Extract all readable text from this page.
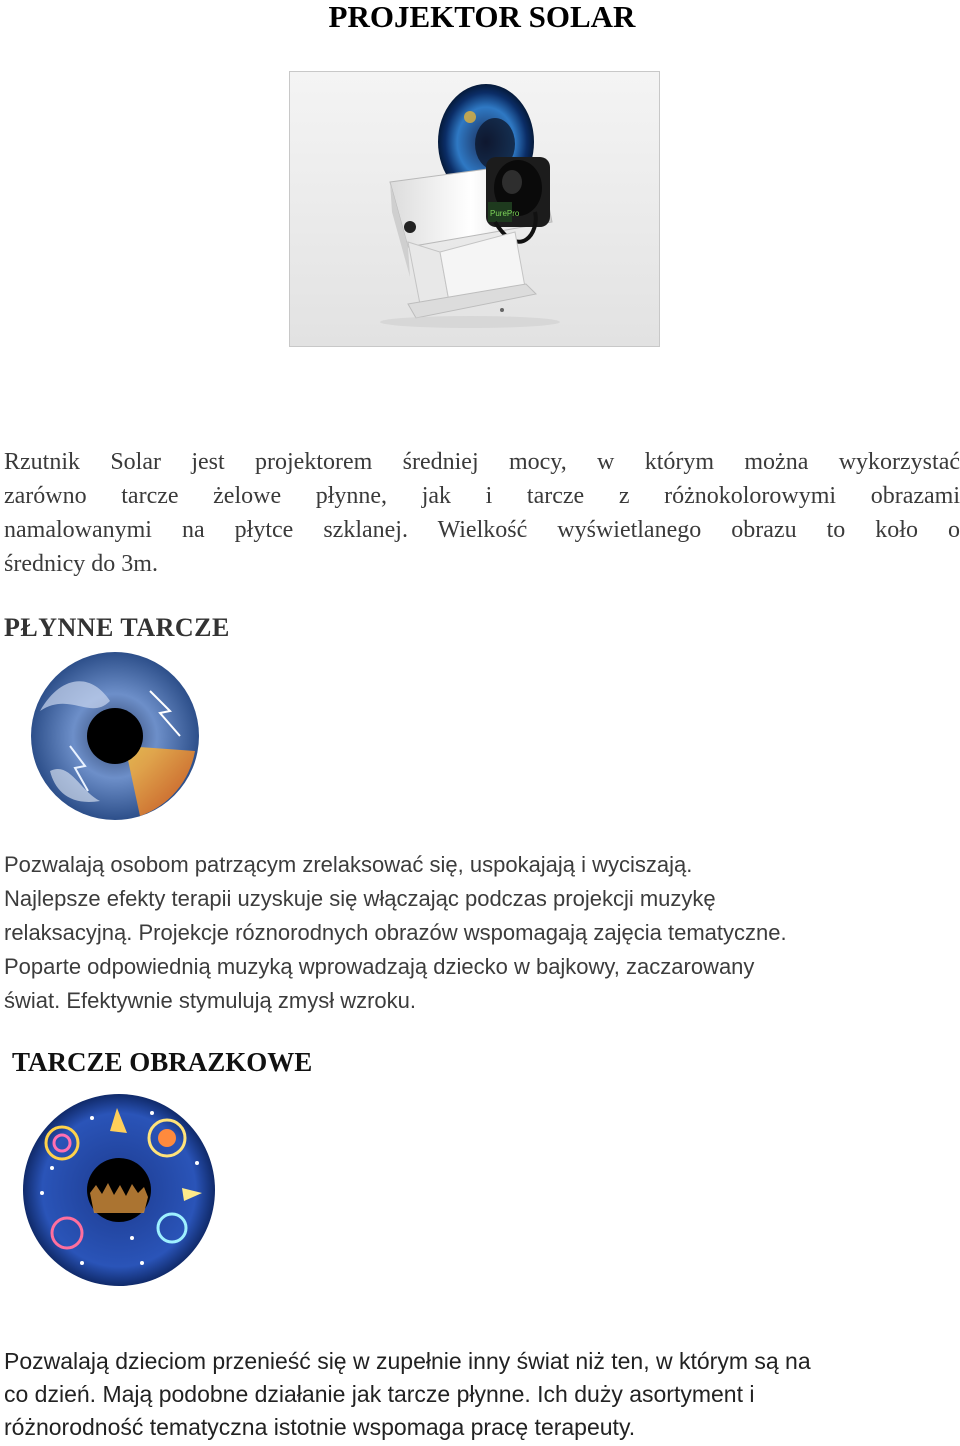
PROJEKTOR SOLAR
PurePro
Rzutnik Solar jest projektorem średniej mocy, w którym można wykorzystać
zarówno tarcze żelowe płynne, jak i tarcze z różnokolorowymi obrazami
namalowanymi na płytce szklanej. Wielkość wyświetlanego obrazu to koło o
średnicy do 3m.
PŁYNNE TARCZE
Pozwalają osobom patrzącym zrelaksować się, uspokajają i wyciszają.
Najlepsze efekty terapii uzyskuje się włączając podczas projekcji muzykę
relaksacyjną. Projekcje róznorodnych obrazów wspomagają zajęcia tematyczne.
Poparte odpowiednią muzyką wprowadzają dziecko w bajkowy, zaczarowany
świat. Efektywnie stymulują zmysł wzroku.
TARCZE OBRAZKOWE
Pozwalają dzieciom przenieść się w zupełnie inny świat niż ten, w którym są na
co dzień. Mają podobne działanie jak tarcze płynne. Ich duży asortyment i
różnorodność tematyczna istotnie wspomaga pracę terapeuty.
